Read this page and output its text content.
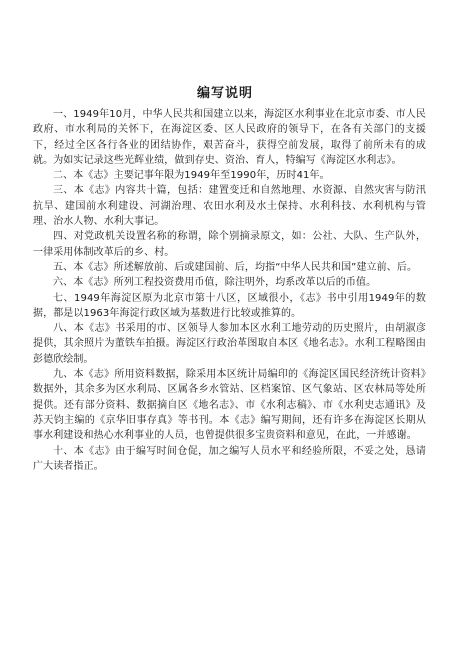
编写说明

一、1949年10月，中华人民共和国建立以来，海淀区水利事业在北京市委、市人民政府、市水利局的关怀下，在海淀区委、区人民政府的领导下，在各有关部门的支援下，经过全区各行各业的团结协作，艰苦奋斗，获得空前发展，取得了前所未有的成就。为如实记录这些光辉业绩，做到存史、资治、育人，特编写《海淀区水利志》。

二、本《志》主要记事年限为1949年至1990年，历时41年。

三、本《志》内容共十篇，包括：建置变迁和自然地理、水资源、自然灾害与防汛抗旱、建国前水利建设、河湖治理、农田水利及水土保持、水利科技、水利机构与管理、治水人物、水利大事记。

四、对党政机关设置名称的称谓，除个别摘录原文，如：公社、大队、生产队外，一律采用体制改革后的乡、村。

五、本《志》所述解放前、后或建国前、后，均指“中华人民共和国”建立前、后。

六、本《志》所列工程投资费用币值，除注明外，均系改革以后的币值。

七、1949年海淀区原为北京市第十八区，区域很小，《志》书中引用1949年的数据，都是以1963年海淀行政区域为基数进行比较或推算的。

八、本《志》书采用的市、区领导人参加本区水利工地劳动的历史照片，由胡淑彦提供，其余照片为董铁车拍摄。海淀区行政治革图取自本区《地名志》。水利工程略图由彭德欣绘制。

九、本《志》所用资料数据，除采用本区统计局编印的《海淀区国民经济统计资料》数据外，其余多为区水利局、区属各乡水管站、区档案馆、区气象站、区农林局等处所提供。还有部分资料、数据摘自区《地名志》、市《水利志稿》、市《水利史志通讯》及苏天钧主编的《京华旧事存真》等书刊。本《志》编写期间，还有许多在海淀区长期从事水利建设和热心水利事业的人员，也曾提供很多宝贵资料和意见，在此，一并感谢。

十、本《志》由于编写时间仓促，加之编写人员水平和经验所限，不妥之处，恳请广大读者指正。
